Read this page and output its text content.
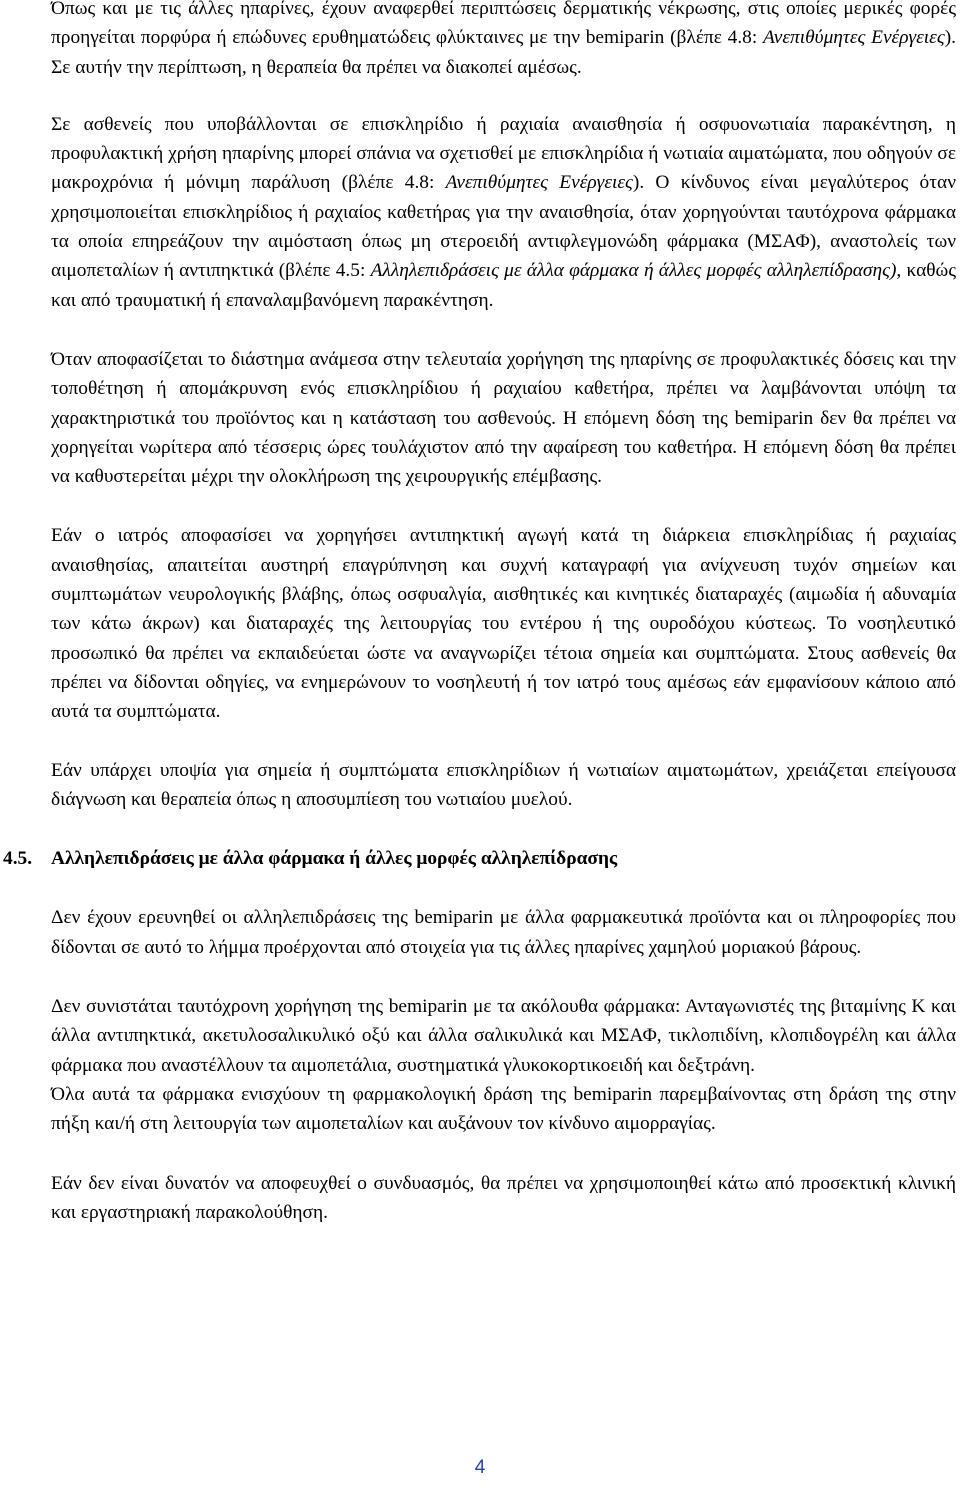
Όπως και με τις άλλες ηπαρίνες, έχουν αναφερθεί περιπτώσεις δερματικής νέκρωσης, στις οποίες μερικές φορές προηγείται πορφύρα ή επώδυνες ερυθηματώδεις φλύκταινες με την bemiparin (βλέπε 4.8: Ανεπιθύμητες Ενέργειες). Σε αυτήν την περίπτωση, η θεραπεία θα πρέπει να διακοπεί αμέσως.

Σε ασθενείς που υποβάλλονται σε επισκληρίδιο ή ραχιαία αναισθησία ή οσφυονωτιαία παρακέντηση, η προφυλακτική χρήση ηπαρίνης μπορεί σπάνια να σχετισθεί με επισκληρίδια ή νωτιαία αιματώματα, που οδηγούν σε μακροχρόνια ή μόνιμη παράλυση (βλέπε 4.8: Ανεπιθύμητες Ενέργειες). Ο κίνδυνος είναι μεγαλύτερος όταν χρησιμοποιείται επισκληρίδιος ή ραχιαίος καθετήρας για την αναισθησία, όταν χορηγούνται ταυτόχρονα φάρμακα τα οποία επηρεάζουν την αιμόσταση όπως μη στεροειδή αντιφλεγμονώδη φάρμακα (ΜΣΑΦ), αναστολείς των αιμοπεταλίων ή αντιπηκτικά (βλέπε 4.5: Αλληλεπιδράσεις με άλλα φάρμακα ή άλλες μορφές αλληλεπίδρασης), καθώς και από τραυματική ή επαναλαμβανόμενη παρακέντηση.

Όταν αποφασίζεται το διάστημα ανάμεσα στην τελευταία χορήγηση της ηπαρίνης σε προφυλακτικές δόσεις και την τοποθέτηση ή απομάκρυνση ενός επισκληρίδιου ή ραχιαίου καθετήρα, πρέπει να λαμβάνονται υπόψη τα χαρακτηριστικά του προϊόντος και η κατάσταση του ασθενούς. Η επόμενη δόση της bemiparin δεν θα πρέπει να χορηγείται νωρίτερα από τέσσερις ώρες τουλάχιστον από την αφαίρεση του καθετήρα. Η επόμενη δόση θα πρέπει να καθυστερείται μέχρι την ολοκλήρωση της χειρουργικής επέμβασης.

Εάν ο ιατρός αποφασίσει να χορηγήσει αντιπηκτική αγωγή κατά τη διάρκεια επισκληρίδιας ή ραχιαίας αναισθησίας, απαιτείται αυστηρή επαγρύπνηση και συχνή καταγραφή για ανίχνευση τυχόν σημείων και συμπτωμάτων νευρολογικής βλάβης, όπως οσφυαλγία, αισθητικές και κινητικές διαταραχές (αιμωδία ή αδυναμία των κάτω άκρων) και διαταραχές της λειτουργίας του εντέρου ή της ουροδόχου κύστεως. Το νοσηλευτικό προσωπικό θα πρέπει να εκπαιδεύεται ώστε να αναγνωρίζει τέτοια σημεία και συμπτώματα. Στους ασθενείς θα πρέπει να δίδονται οδηγίες, να ενημερώνουν το νοσηλευτή ή τον ιατρό τους αμέσως εάν εμφανίσουν κάποιο από αυτά τα συμπτώματα.

Εάν υπάρχει υποψία για σημεία ή συμπτώματα επισκληρίδιων ή νωτιαίων αιματωμάτων, χρειάζεται επείγουσα διάγνωση και θεραπεία όπως η αποσυμπίεση του νωτιαίου μυελού.

4.5. Αλληλεπιδράσεις με άλλα φάρμακα ή άλλες μορφές αλληλεπίδρασης

Δεν έχουν ερευνηθεί οι αλληλεπιδράσεις της bemiparin με άλλα φαρμακευτικά προϊόντα και οι πληροφορίες που δίδονται σε αυτό το λήμμα προέρχονται από στοιχεία για τις άλλες ηπαρίνες χαμηλού μοριακού βάρους.

Δεν συνιστάται ταυτόχρονη χορήγηση της bemiparin με τα ακόλουθα φάρμακα: Ανταγωνιστές της βιταμίνης Κ και άλλα αντιπηκτικά, ακετυλοσαλικυλικό οξύ και άλλα σαλικυλικά και ΜΣΑΦ, τικλοπιδίνη, κλοπιδογρέλη και άλλα φάρμακα που αναστέλλουν τα αιμοπετάλια, συστηματικά γλυκοκορτικοειδή και δεξτράνη.

Όλα αυτά τα φάρμακα ενισχύουν τη φαρμακολογική δράση της bemiparin παρεμβαίνοντας στη δράση της στην πήξη και/ή στη λειτουργία των αιμοπεταλίων και αυξάνουν τον κίνδυνο αιμορραγίας.

Εάν δεν είναι δυνατόν να αποφευχθεί ο συνδυασμός, θα πρέπει να χρησιμοποιηθεί κάτω από προσεκτική κλινική και εργαστηριακή παρακολούθηση.

4
